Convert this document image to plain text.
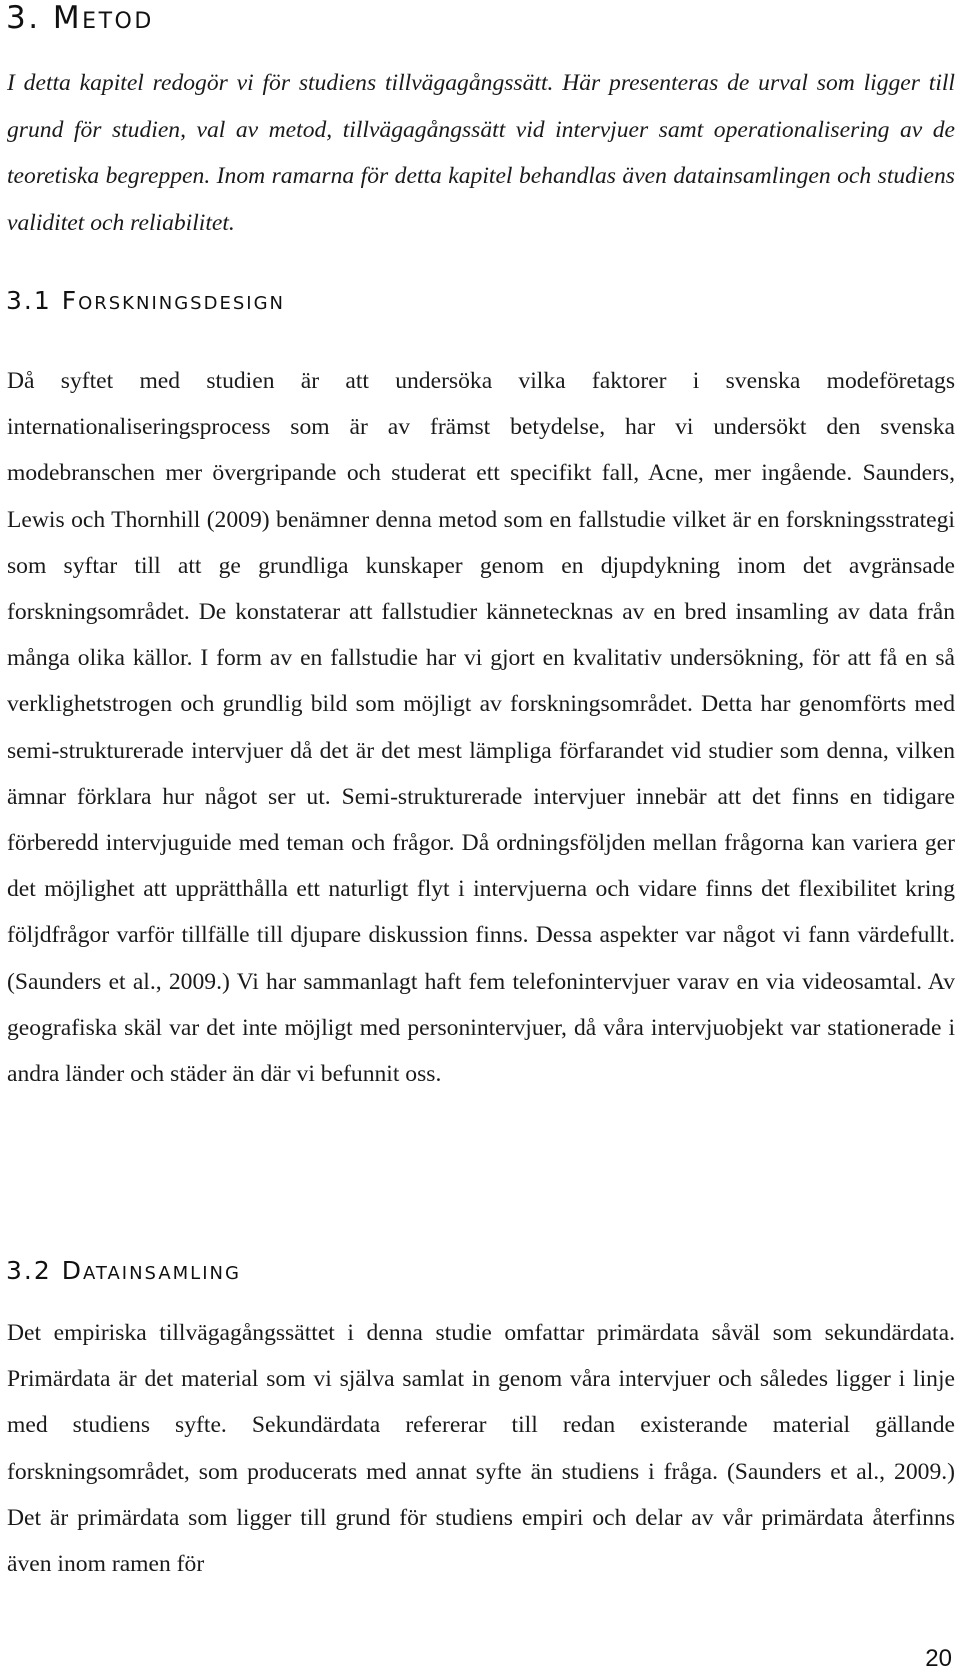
3. Metod

I detta kapitel redogör vi för studiens tillvägagångssätt. Här presenteras de urval som ligger till grund för studien, val av metod, tillvägagångssätt vid intervjuer samt operationalisering av de teoretiska begreppen. Inom ramarna för detta kapitel behandlas även datainsamlingen och studiens validitet och reliabilitet.

3.1 Forskningsdesign

Då syftet med studien är att undersöka vilka faktorer i svenska modeföretags internationaliseringsprocess som är av främst betydelse, har vi undersökt den svenska modebranschen mer övergripande och studerat ett specifikt fall, Acne, mer ingående. Saunders, Lewis och Thornhill (2009) benämner denna metod som en fallstudie vilket är en forskningsstrategi som syftar till att ge grundliga kunskaper genom en djupdykning inom det avgränsade forskningsområdet. De konstaterar att fallstudier kännetecknas av en bred insamling av data från många olika källor. I form av en fallstudie har vi gjort en kvalitativ undersökning, för att få en så verklighetstrogen och grundlig bild som möjligt av forskningsområdet. Detta har genomförts med semi-strukturerade intervjuer då det är det mest lämpliga förfarandet vid studier som denna, vilken ämnar förklara hur något ser ut. Semi-strukturerade intervjuer innebär att det finns en tidigare förberedd intervjuguide med teman och frågor. Då ordningsföljden mellan frågorna kan variera ger det möjlighet att upprätthålla ett naturligt flyt i intervjuerna och vidare finns det flexibilitet kring följdfrågor varför tillfälle till djupare diskussion finns. Dessa aspekter var något vi fann värdefullt. (Saunders et al., 2009.) Vi har sammanlagt haft fem telefonintervjuer varav en via videosamtal. Av geografiska skäl var det inte möjligt med personintervjuer, då våra intervjuobjekt var stationerade i andra länder och städer än där vi befunnit oss.

3.2 Datainsamling

Det empiriska tillvägagångssättet i denna studie omfattar primärdata såväl som sekundärdata. Primärdata är det material som vi själva samlat in genom våra intervjuer och således ligger i linje med studiens syfte. Sekundärdata refererar till redan existerande material gällande forskningsområdet, som producerats med annat syfte än studiens i fråga. (Saunders et al., 2009.) Det är primärdata som ligger till grund för studiens empiri och delar av vår primärdata återfinns även inom ramen för

20
